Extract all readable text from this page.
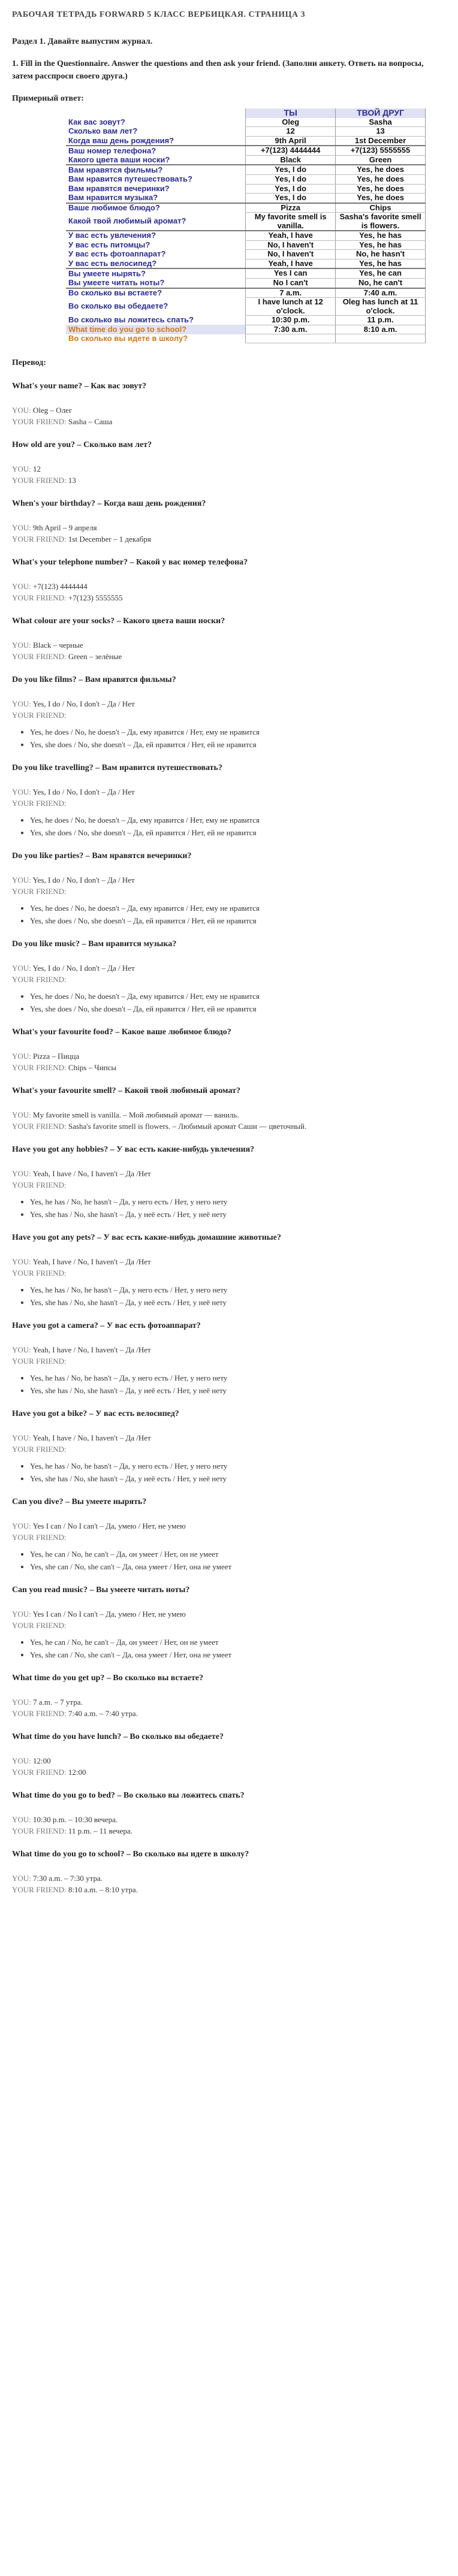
РАБОЧАЯ ТЕТРАДЬ FORWARD 5 КЛАСС ВЕРБИЦКАЯ. СТРАНИЦА 3
Раздел 1. Давайте выпустим журнал.
1. Fill in the Questionnaire. Answer the questions and then ask your friend. (Заполни анкету. Ответь на вопросы, затем расспроси своего друга.)
Примерный ответ:
	ТЫ	ТВОЙ ДРУГ
Как вас зовут?	Oleg	Sasha
Сколько вам лет?	12	13
Когда ваш день рождения?	9th April	1st December
Ваш номер телефона?	+7(123) 4444444	+7(123) 5555555
Какого цвета ваши носки?	Black	Green
Вам нравятся фильмы?	Yes, I do	Yes, he does
Вам нравится путешествовать?	Yes, I do	Yes, he does
Вам нравятся вечеринки?	Yes, I do	Yes, he does
Вам нравится музыка?	Yes, I do	Yes, he does
Ваше любимое блюдо?	Pizza	Chips
Какой твой любимый аромат?	My favorite smell is vanilla.	Sasha's favorite smell is flowers.
У вас есть увлечения?	Yeah, I have	Yes, he has
У вас есть питомцы?	No, I haven't	Yes, he has
У вас есть фотоаппарат?	No, I haven't	No, he hasn't
У вас есть велосипед?	Yeah, I have	Yes, he has
Вы умеете нырять?	Yes I can	Yes, he can
Вы умеете читать ноты?	No I can't	No, he can't
Во сколько вы встаете?	7 a.m.	7:40 a.m.
Во сколько вы обедаете?	I have lunch at 12 o'clock.	Oleg has lunch at 11 o'clock.
Во сколько вы ложитесь спать?	10:30 p.m.	11 p.m.
What time do you go to school?	7:30 a.m.	8:10 a.m.
Во сколько вы идете в школу?		
Перевод:
What's your name? – Как вас зовут?

YOU: Oleg – Олег

YOUR FRIEND: Sasha – Саша

How old are you? – Сколько вам лет?

YOU: 12

YOUR FRIEND: 13

When's your birthday? – Когда ваш день рождения?

YOU: 9th April – 9 апреля

YOUR FRIEND: 1st December – 1 декабря

What's your telephone number? – Какой у вас номер телефона?

YOU: +7(123) 4444444

YOUR FRIEND: +7(123) 5555555

What colour are your socks? – Какого цвета ваши носки?

YOU: Black – черные

YOUR FRIEND: Green – зелёные

Do you like films? – Вам нравятся фильмы?

YOU: Yes, I do / No, I don't – Да / Нет

YOUR FRIEND:

• Yes, he does / No, he doesn't – Да, ему нравится / Нет, ему не нравится
• Yes, she does / No, she doesn't – Да, ей нравится / Нет, ей не нравится
Do you like travelling? – Вам нравится путешествовать?

YOU: Yes, I do / No, I don't – Да / Нет

YOUR FRIEND:

• Yes, he does / No, he doesn't – Да, ему нравится / Нет, ему не нравится
• Yes, she does / No, she doesn't – Да, ей нравится / Нет, ей не нравится
Do you like parties? – Вам нравятся вечеринки?

YOU: Yes, I do / No, I don't – Да / Нет

YOUR FRIEND:

• Yes, he does / No, he doesn't – Да, ему нравится / Нет, ему не нравится
• Yes, she does / No, she doesn't – Да, ей нравится / Нет, ей не нравится
Do you like music? – Вам нравится музыка?

YOU: Yes, I do / No, I don't – Да / Нет

YOUR FRIEND:

• Yes, he does / No, he doesn't – Да, ему нравится / Нет, ему не нравится
• Yes, she does / No, she doesn't – Да, ей нравится / Нет, ей не нравится
What's your favourite food? – Какое ваше любимое блюдо?

YOU: Pizza – Пицца

YOUR FRIEND: Chips – Чипсы

What's your favourite smell? – Какой твой любимый аромат?

YOU: My favorite smell is vanilla. – Мой любимый аромат — ваниль.

YOUR FRIEND: Sasha's favorite smell is flowers. – Любимый аромат Саши — цветочный.

Have you got any hobbies? – У вас есть какие-нибудь увлечения?

YOU: Yeah, I have / No, I haven't – Да /Нет

YOUR FRIEND:

• Yes, he has / No, he hasn't – Да, у него есть / Нет, у него нету
• Yes, she has / No, she hasn't – Да, у неё есть / Нет, у неё нету
Have you got any pets? – У вас есть какие-нибудь домашние животные?

YOU: Yeah, I have / No, I haven't – Да /Нет

YOUR FRIEND:

• Yes, he has / No, he hasn't – Да, у него есть / Нет, у него нету
• Yes, she has / No, she hasn't – Да, у неё есть / Нет, у неё нету
Have you got a camera? – У вас есть фотоаппарат?

YOU: Yeah, I have / No, I haven't – Да /Нет

YOUR FRIEND:

• Yes, he has / No, he hasn't – Да, у него есть / Нет, у него нету
• Yes, she has / No, she hasn't – Да, у неё есть / Нет, у неё нету
Have you got a bike? – У вас есть велосипед?

YOU: Yeah, I have / No, I haven't – Да /Нет

YOUR FRIEND:

• Yes, he has / No, he hasn't – Да, у него есть / Нет, у него нету
• Yes, she has / No, she hasn't – Да, у неё есть / Нет, у неё нету
Can you dive? – Вы умеете нырять?

YOU: Yes I can / No I can't – Да, умею / Нет, не умею

YOUR FRIEND:

• Yes, he can / No, he can't – Да, он умеет / Нет, он не умеет
• Yes, she can / No, she can't – Да, она умеет / Нет, она не умеет
Can you read music? – Вы умеете читать ноты?

YOU: Yes I can / No I can't – Да, умею / Нет, не умею

YOUR FRIEND:

• Yes, he can / No, he can't – Да, он умеет / Нет, он не умеет
• Yes, she can / No, she can't – Да, она умеет / Нет, она не умеет
What time do you get up? – Во сколько вы встаете?

YOU: 7 a.m. – 7 утра.

YOUR FRIEND: 7:40 a.m. – 7:40 утра.

What time do you have lunch? – Во сколько вы обедаете?

YOU: 12:00

YOUR FRIEND: 12:00

What time do you go to bed? – Во сколько вы ложитесь спать?

YOU: 10:30 p.m. – 10:30 вечера.

YOUR FRIEND: 11 p.m. – 11 вечера.

What time do you go to school? – Во сколько вы идете в школу?

YOU: 7:30 a.m. – 7:30 утра.

YOUR FRIEND: 8:10 a.m. – 8:10 утра.
